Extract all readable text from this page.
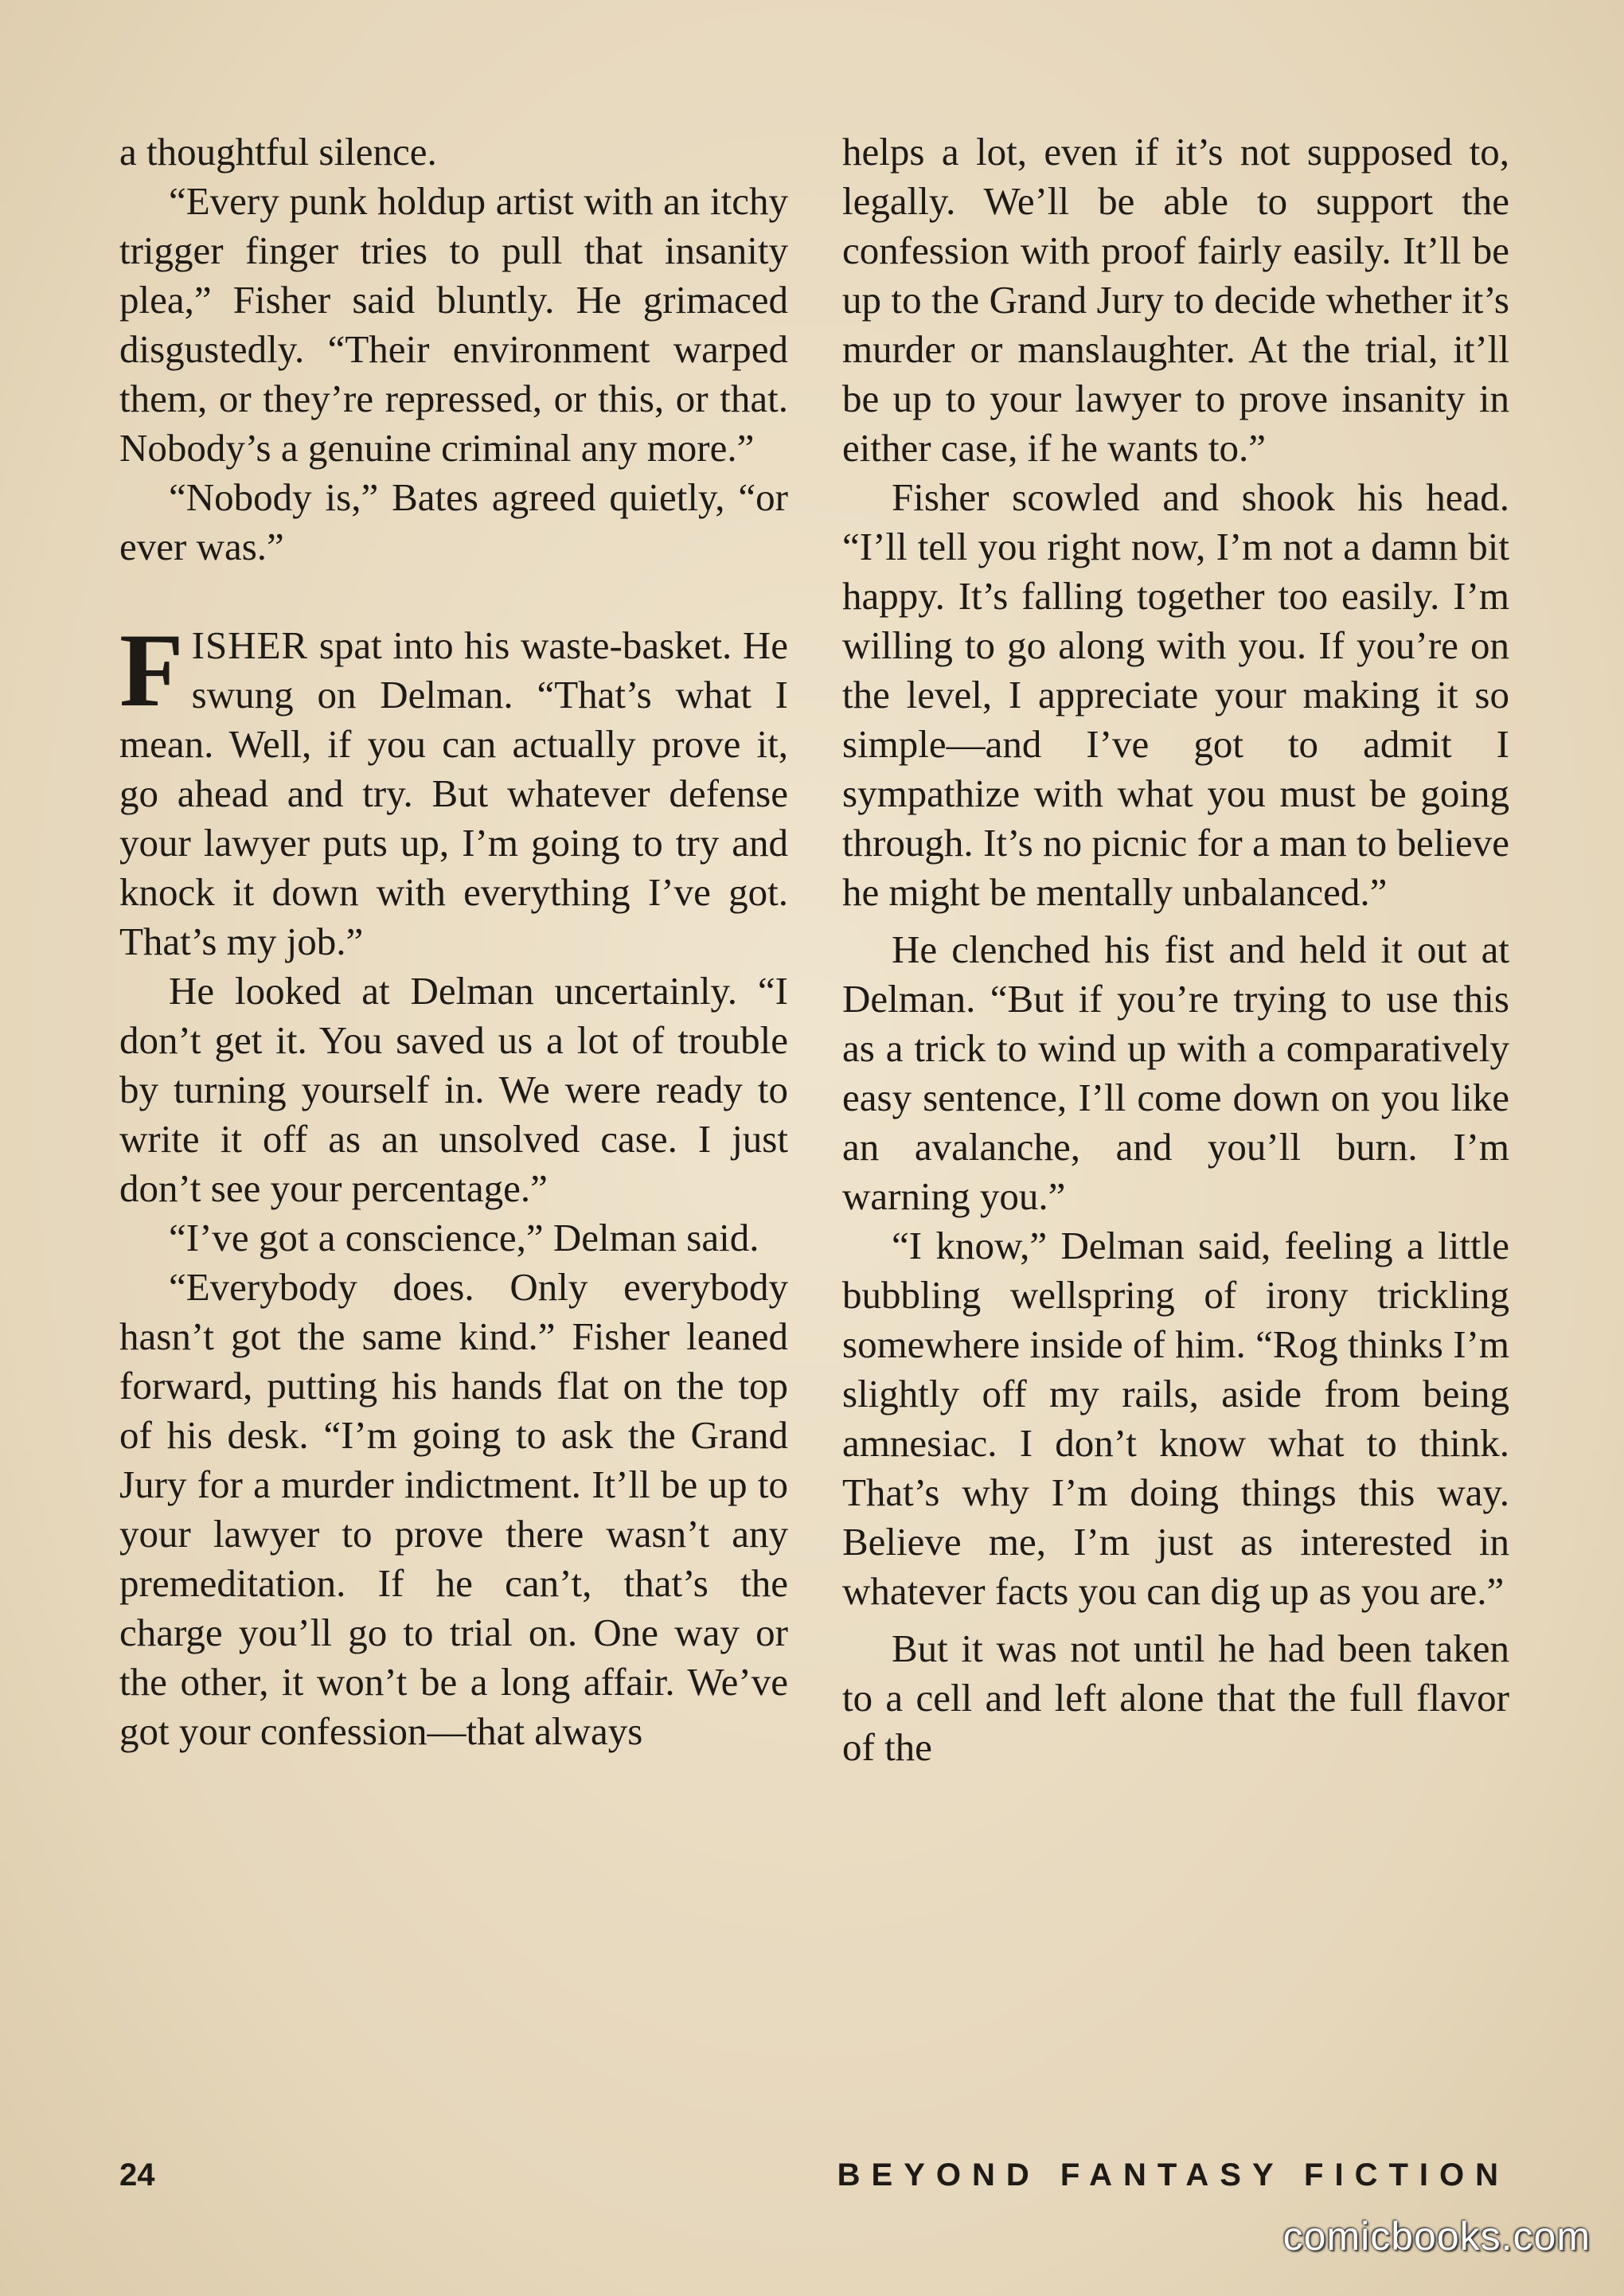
a thoughtful silence.

“Every punk holdup artist with an itchy trigger finger tries to pull that insanity plea,” Fisher said bluntly. He grimaced disgustedly. “Their environment warped them, or they’re repressed, or this, or that. Nobody’s a genuine criminal any more.”

“Nobody is,” Bates agreed quietly, “or ever was.”

FISHER spat into his waste-basket. He swung on Delman. “That’s what I mean. Well, if you can actually prove it, go ahead and try. But whatever defense your lawyer puts up, I’m going to try and knock it down with everything I’ve got. That’s my job.”

He looked at Delman uncertainly. “I don’t get it. You saved us a lot of trouble by turning yourself in. We were ready to write it off as an unsolved case. I just don’t see your percentage.”

“I’ve got a conscience,” Delman said.

“Everybody does. Only everybody hasn’t got the same kind.” Fisher leaned forward, putting his hands flat on the top of his desk. “I’m going to ask the Grand Jury for a murder indictment. It’ll be up to your lawyer to prove there wasn’t any premeditation. If he can’t, that’s the charge you’ll go to trial on. One way or the other, it won’t be a long affair. We’ve got your confession—that always

helps a lot, even if it’s not supposed to, legally. We’ll be able to support the confession with proof fairly easily. It’ll be up to the Grand Jury to decide whether it’s murder or manslaughter. At the trial, it’ll be up to your lawyer to prove insanity in either case, if he wants to.”

Fisher scowled and shook his head. “I’ll tell you right now, I’m not a damn bit happy. It’s falling together too easily. I’m willing to go along with you. If you’re on the level, I appreciate your making it so simple—and I’ve got to admit I sympathize with what you must be going through. It’s no picnic for a man to believe he might be mentally unbalanced.”

He clenched his fist and held it out at Delman. “But if you’re trying to use this as a trick to wind up with a comparatively easy sentence, I’ll come down on you like an avalanche, and you’ll burn. I’m warning you.”

“I know,” Delman said, feeling a little bubbling wellspring of irony trickling somewhere inside of him. “Rog thinks I’m slightly off my rails, aside from being amnesiac. I don’t know what to think. That’s why I’m doing things this way. Believe me, I’m just as interested in whatever facts you can dig up as you are.”

But it was not until he had been taken to a cell and left alone that the full flavor of the

24	BEYOND FANTASY FICTION
comicbooks.com
